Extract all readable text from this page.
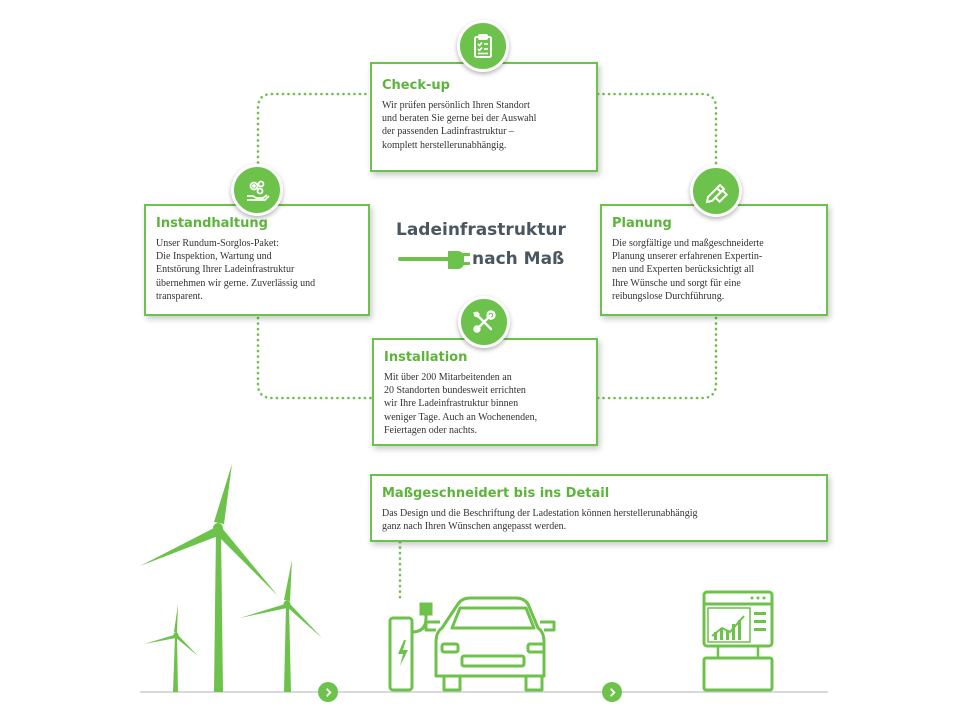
Ladeinfrastruktur
nach Maß
Check-up

Wir prüfen persönlich Ihren Standort
und beraten Sie gerne bei der Auswahl
der passenden Ladinfrastruktur –
komplett herstellerunabhängig.

Planung

Die sorgfältige und maßgeschneiderte
Planung unserer erfahrenen Expertin-
nen und Experten berücksichtigt all
Ihre Wünsche und sorgt für eine
reibungslose Durchführung.

Instandhaltung

Unser Rundum-Sorglos-Paket:
Die Inspektion, Wartung und
Entstörung Ihrer Ladeinfrastruktur
übernehmen wir gerne. Zuverlässig und
transparent.

Installation

Mit über 200 Mitarbeitenden an
20 Standorten bundesweit errichten
wir Ihre Ladeinfrastruktur binnen
weniger Tage. Auch an Wochenenden,
Feiertagen oder nachts.

Maßgeschneidert bis ins Detail

Das Design und die Beschriftung der Ladestation können herstellerunabhängig
ganz nach Ihren Wünschen angepasst werden.
